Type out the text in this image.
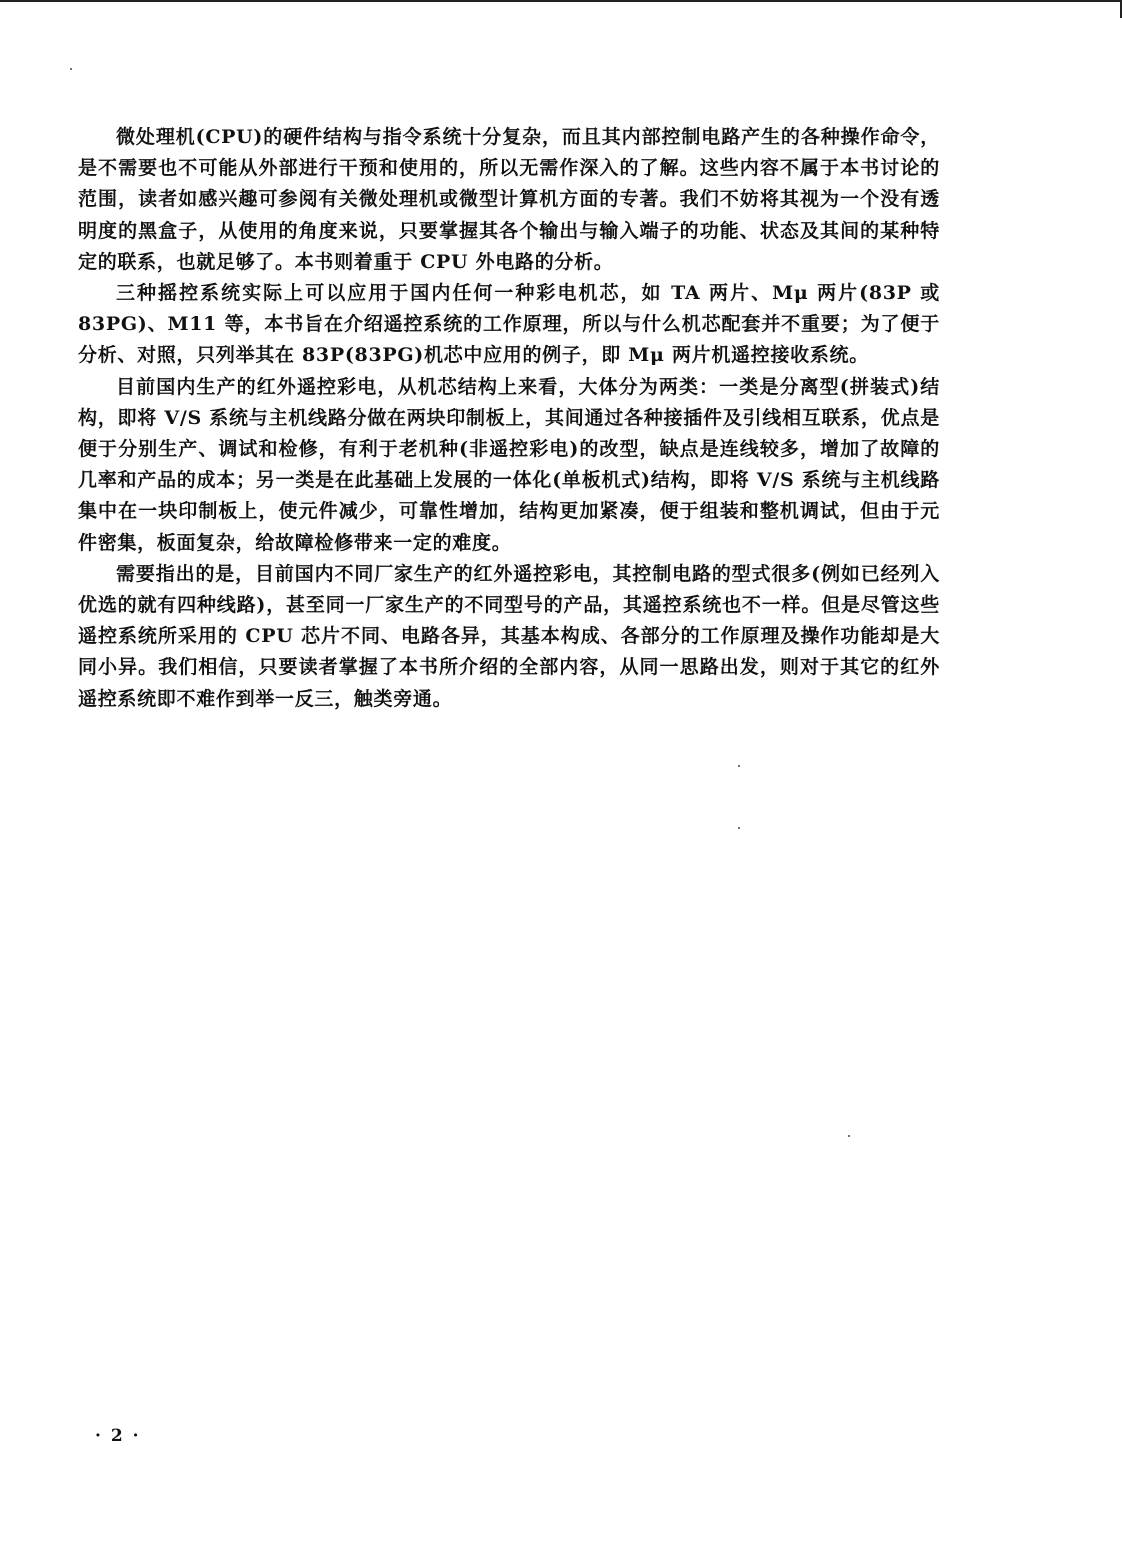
微处理机(CPU)的硬件结构与指令系统十分复杂，而且其内部控制电路产生的各种操作命令，是不需要也不可能从外部进行干预和使用的，所以无需作深入的了解。这些内容不属于本书讨论的范围，读者如感兴趣可参阅有关微处理机或微型计算机方面的专著。我们不妨将其视为一个没有透明度的黑盒子，从使用的角度来说，只要掌握其各个输出与输入端子的功能、状态及其间的某种特定的联系，也就足够了。本书则着重于 CPU 外电路的分析。

三种摇控系统实际上可以应用于国内任何一种彩电机芯，如 TA 两片、Mμ 两片(83P 或 83PG)、M11 等，本书旨在介绍遥控系统的工作原理，所以与什么机芯配套并不重要；为了便于分析、对照，只列举其在 83P(83PG)机芯中应用的例子，即 Mμ 两片机遥控接收系统。

目前国内生产的红外遥控彩电，从机芯结构上来看，大体分为两类：一类是分离型(拼装式)结构，即将 V/S 系统与主机线路分做在两块印制板上，其间通过各种接插件及引线相互联系，优点是便于分别生产、调试和检修，有利于老机种(非遥控彩电)的改型，缺点是连线较多，增加了故障的几率和产品的成本；另一类是在此基础上发展的一体化(单板机式)结构，即将 V/S 系统与主机线路集中在一块印制板上，使元件减少，可靠性增加，结构更加紧凑，便于组装和整机调试，但由于元件密集，板面复杂，给故障检修带来一定的难度。

需要指出的是，目前国内不同厂家生产的红外遥控彩电，其控制电路的型式很多(例如已经列入优选的就有四种线路)，甚至同一厂家生产的不同型号的产品，其遥控系统也不一样。但是尽管这些遥控系统所采用的 CPU 芯片不同、电路各异，其基本构成、各部分的工作原理及操作功能却是大同小异。我们相信，只要读者掌握了本书所介绍的全部内容，从同一思路出发，则对于其它的红外遥控系统即不难作到举一反三，触类旁通。

· 2 ·
